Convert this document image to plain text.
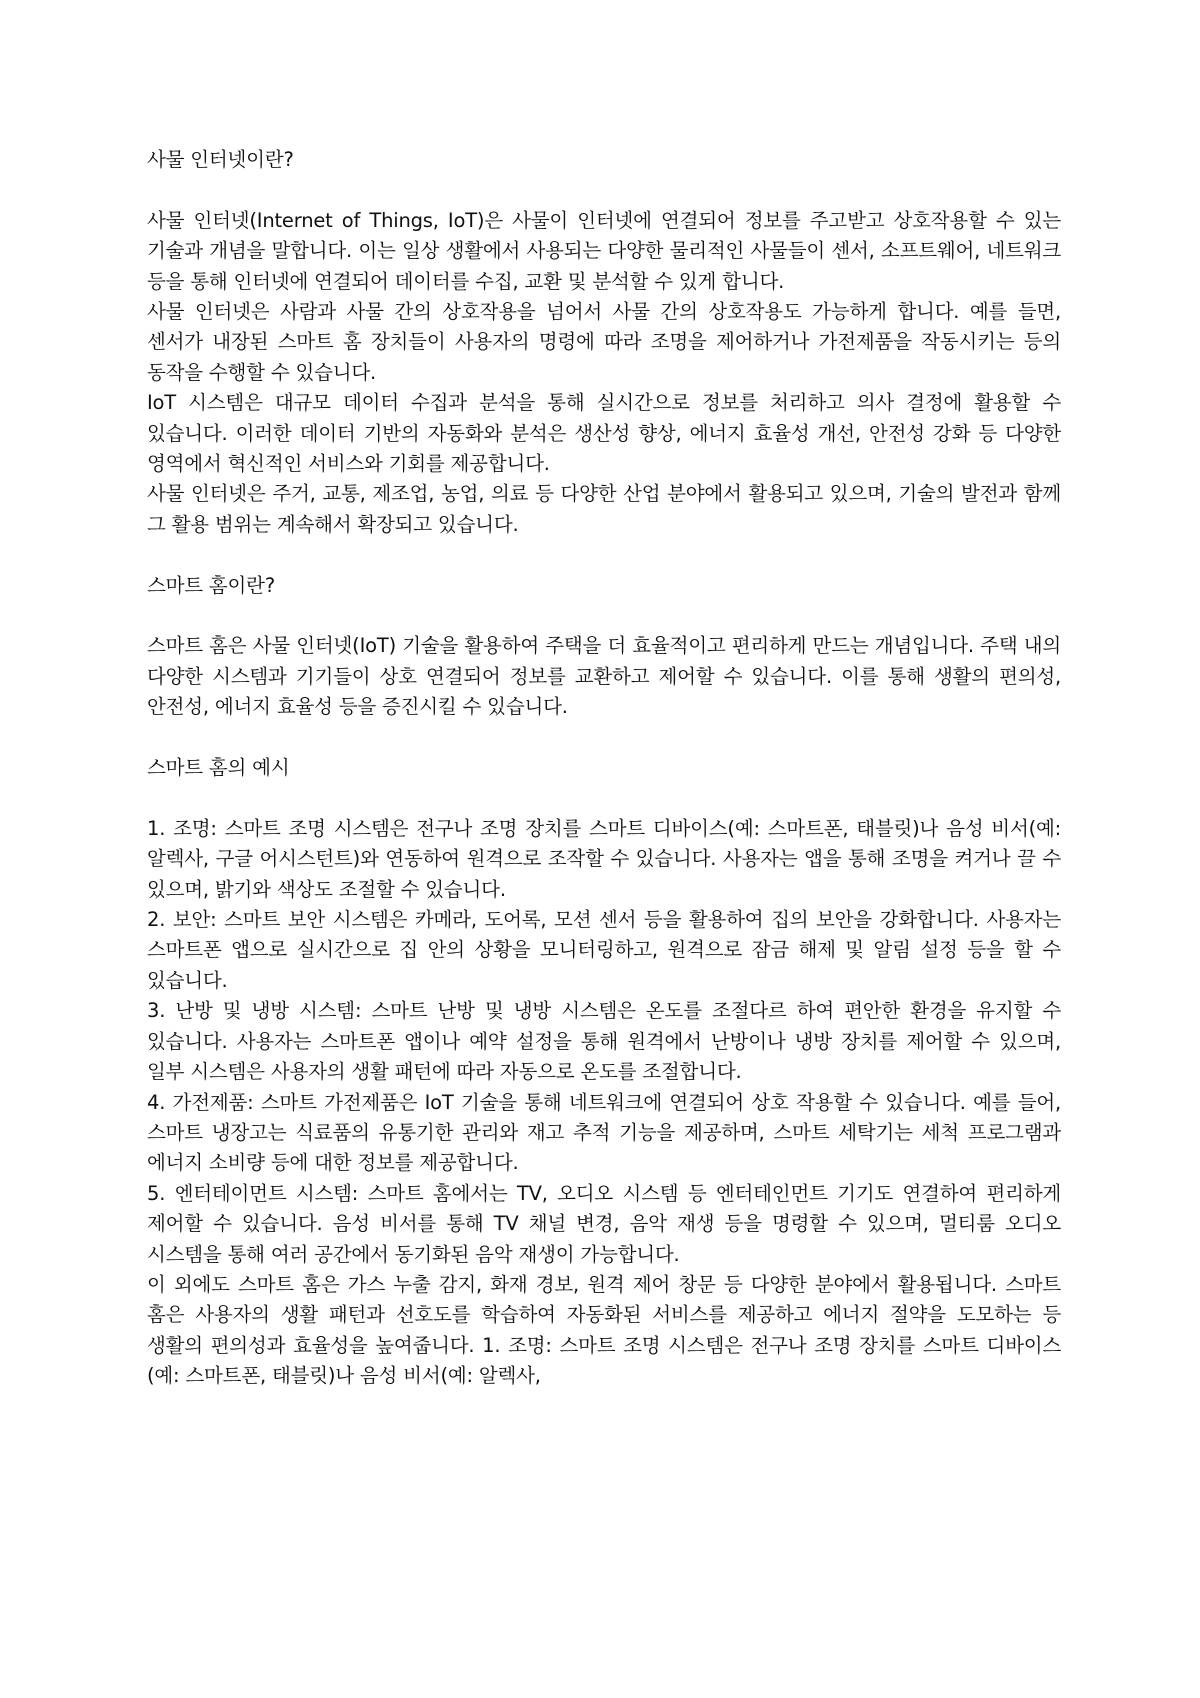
사물 인터넷이란?

사물 인터넷(Internet of Things, IoT)은 사물이 인터넷에 연결되어 정보를 주고받고 상호작용할 수 있는 기술과 개념을 말합니다. 이는 일상 생활에서 사용되는 다양한 물리적인 사물들이 센서, 소프트웨어, 네트워크 등을 통해 인터넷에 연결되어 데이터를 수집, 교환 및 분석할 수 있게 합니다.

사물 인터넷은 사람과 사물 간의 상호작용을 넘어서 사물 간의 상호작용도 가능하게 합니다. 예를 들면, 센서가 내장된 스마트 홈 장치들이 사용자의 명령에 따라 조명을 제어하거나 가전제품을 작동시키는 등의 동작을 수행할 수 있습니다.

IoT 시스템은 대규모 데이터 수집과 분석을 통해 실시간으로 정보를 처리하고 의사 결정에 활용할 수 있습니다. 이러한 데이터 기반의 자동화와 분석은 생산성 향상, 에너지 효율성 개선, 안전성 강화 등 다양한 영역에서 혁신적인 서비스와 기회를 제공합니다.

사물 인터넷은 주거, 교통, 제조업, 농업, 의료 등 다양한 산업 분야에서 활용되고 있으며, 기술의 발전과 함께 그 활용 범위는 계속해서 확장되고 있습니다.

스마트 홈이란?

스마트 홈은 사물 인터넷(IoT) 기술을 활용하여 주택을 더 효율적이고 편리하게 만드는 개념입니다. 주택 내의 다양한 시스템과 기기들이 상호 연결되어 정보를 교환하고 제어할 수 있습니다. 이를 통해 생활의 편의성, 안전성, 에너지 효율성 등을 증진시킬 수 있습니다.

스마트 홈의 예시

1. 조명: 스마트 조명 시스템은 전구나 조명 장치를 스마트 디바이스(예: 스마트폰, 태블릿)나 음성 비서(예: 알렉사, 구글 어시스턴트)와 연동하여 원격으로 조작할 수 있습니다. 사용자는 앱을 통해 조명을 켜거나 끌 수 있으며, 밝기와 색상도 조절할 수 있습니다.

2. 보안: 스마트 보안 시스템은 카메라, 도어록, 모션 센서 등을 활용하여 집의 보안을 강화합니다. 사용자는 스마트폰 앱으로 실시간으로 집 안의 상황을 모니터링하고, 원격으로 잠금 해제 및 알림 설정 등을 할 수 있습니다.

3. 난방 및 냉방 시스템: 스마트 난방 및 냉방 시스템은 온도를 조절다르 하여 편안한 환경을 유지할 수 있습니다. 사용자는 스마트폰 앱이나 예약 설정을 통해 원격에서 난방이나 냉방 장치를 제어할 수 있으며, 일부 시스템은 사용자의 생활 패턴에 따라 자동으로 온도를 조절합니다.

4. 가전제품: 스마트 가전제품은 IoT 기술을 통해 네트워크에 연결되어 상호 작용할 수 있습니다. 예를 들어, 스마트 냉장고는 식료품의 유통기한 관리와 재고 추적 기능을 제공하며, 스마트 세탁기는 세척 프로그램과 에너지 소비량 등에 대한 정보를 제공합니다.

5. 엔터테이먼트 시스템: 스마트 홈에서는 TV, 오디오 시스템 등 엔터테인먼트 기기도 연결하여 편리하게 제어할 수 있습니다. 음성 비서를 통해 TV 채널 변경, 음악 재생 등을 명령할 수 있으며, 멀티룸 오디오 시스템을 통해 여러 공간에서 동기화된 음악 재생이 가능합니다.

이 외에도 스마트 홈은 가스 누출 감지, 화재 경보, 원격 제어 창문 등 다양한 분야에서 활용됩니다. 스마트 홈은 사용자의 생활 패턴과 선호도를 학습하여 자동화된 서비스를 제공하고 에너지 절약을 도모하는 등 생활의 편의성과 효율성을 높여줍니다. 1. 조명: 스마트 조명 시스템은 전구나 조명 장치를 스마트 디바이스(예: 스마트폰, 태블릿)나 음성 비서(예: 알렉사,
